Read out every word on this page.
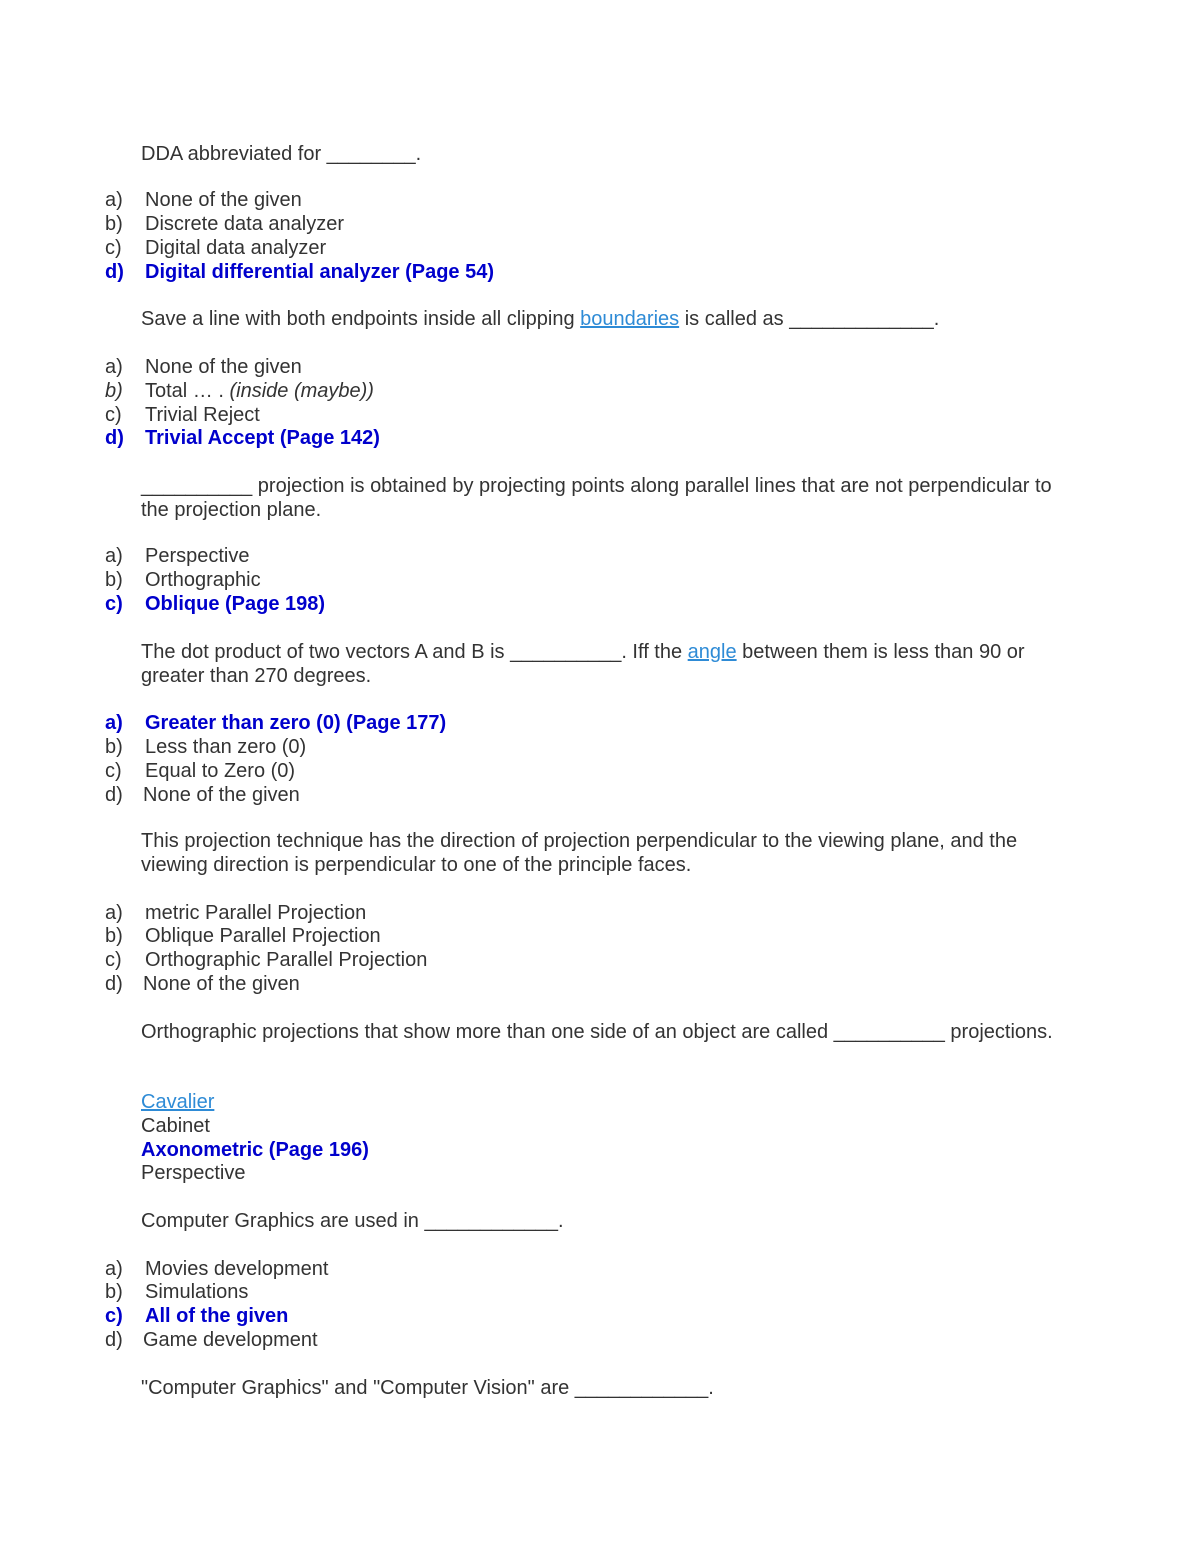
DDA abbreviated for ________.
a) None of the given
b) Discrete data analyzer
c) Digital data analyzer
d) Digital differential analyzer (Page 54)
Save a line with both endpoints inside all clipping boundaries is called as _____________.
a) None of the given
b) Total … . (inside (maybe))
c) Trivial Reject
d) Trivial Accept (Page 142)
__________ projection is obtained by projecting points along parallel lines that are not perpendicular to the projection plane.
a) Perspective
b) Orthographic
c) Oblique (Page 198)
The dot product of two vectors A and B is __________. Iff the angle between them is less than 90 or greater than 270 degrees.
a) Greater than zero (0) (Page 177)
b) Less than zero (0)
c) Equal to Zero (0)
d) None of the given
This projection technique has the direction of projection perpendicular to the viewing plane, and the viewing direction is perpendicular to one of the principle faces.
a) metric Parallel Projection
b) Oblique Parallel Projection
c) Orthographic Parallel Projection
d) None of the given
Orthographic projections that show more than one side of an object are called __________ projections.
Cavalier
Cabinet
Axonometric (Page 196)
Perspective
Computer Graphics are used in ____________.
a) Movies development
b) Simulations
c) All of the given
d) Game development
"Computer Graphics" and "Computer Vision" are ____________.
